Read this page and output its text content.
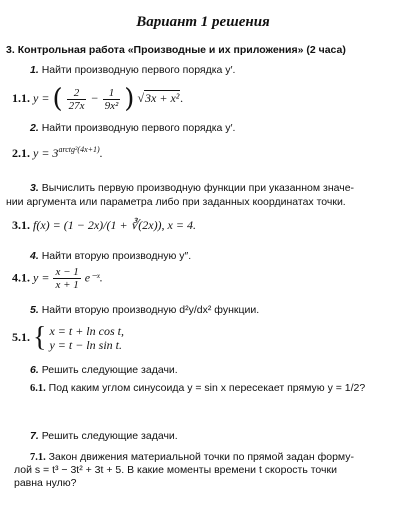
Вариант 1 решения
3. Контрольная работа «Производные и их приложения» (2 часа)
1. Найти производную первого порядка y′.
1.1. y = ( $\frac{2}{27x} - \frac{1}{\text{9x²}}$ ) √3x + x².
2. Найти производную первого порядка y′.
2.1. $y = 3^{arctg^2(4x+1)}$.
3. Вычислить первую производную функции при указанном значе-
нии аргумента или параметра либо при заданных координатах точки.
3.1. f(x) = (1 − 2x)/(1 + ∛(2x)), x = 4.
4. Найти вторую производную y″.
4.1. $y = \frac{x - 1}{x + 1}$ e⁻ˣ.
5. Найти вторую производную d²y/dx² функции.
5.1. { x = t + ln cos t,
y = t − ln sin t.
6. Решить следующие задачи.
6.1. Под каким углом синусоида y = sin x пересекает прямую y = 1/2?
7. Решить следующие задачи.
7.1. Закон движения материальной точки по прямой задан форму-
лой s = t³ − 3t² + 3t + 5. В какие моменты времени t скорость точки
равна нулю?
